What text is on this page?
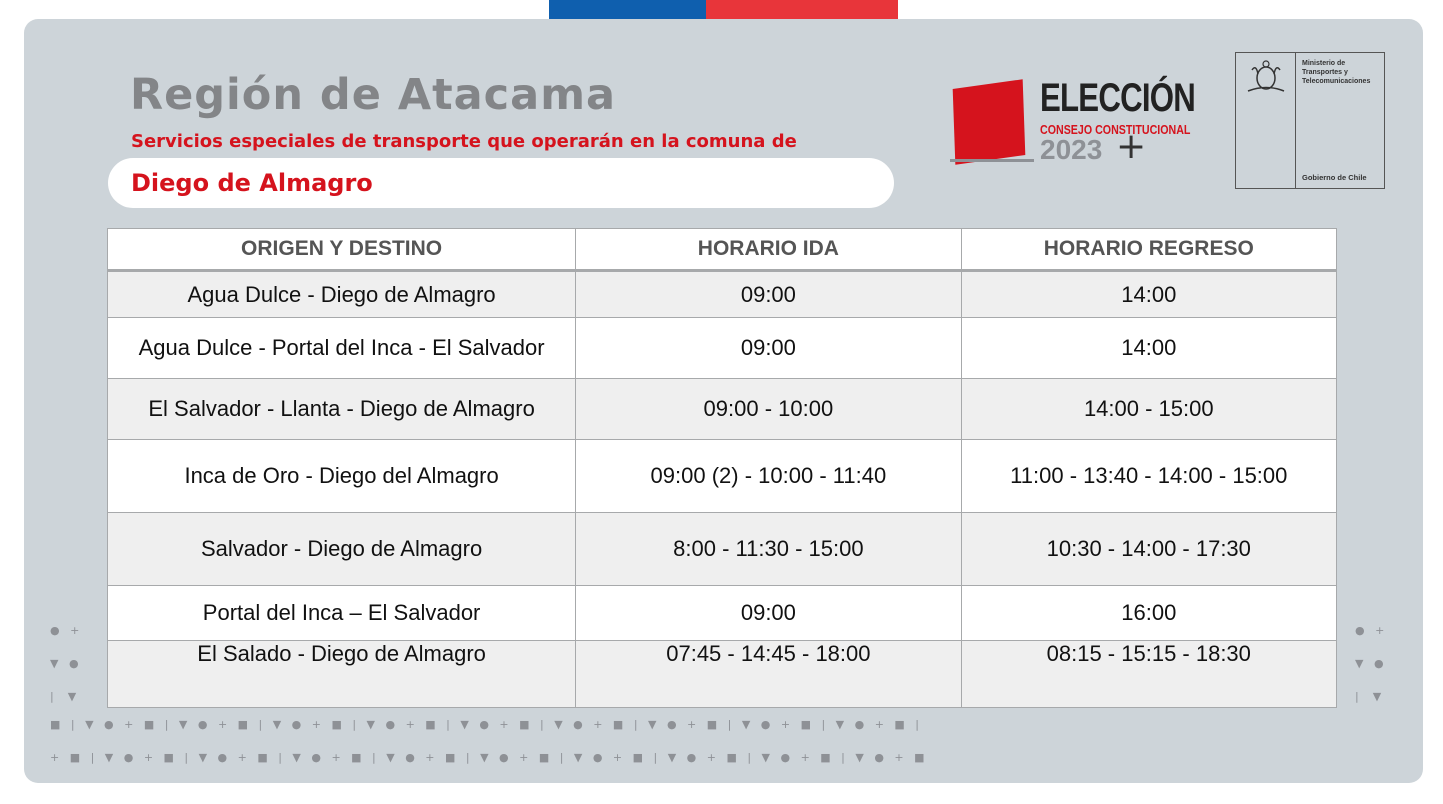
Región de Atacama
Servicios especiales de transporte que operarán en la comuna de
Diego de Almagro
ELECCIÓN
CONSEJO CONSTITUCIONAL
2023 +
Ministerio de Transportes y Telecomunicaciones
Gobierno de Chile
ORIGEN Y DESTINO	HORARIO IDA	HORARIO REGRESO
Agua Dulce - Diego de Almagro	09:00	14:00
Agua Dulce - Portal del Inca - El Salvador	09:00	14:00
El Salvador - Llanta - Diego de Almagro	09:00 - 10:00	14:00 - 15:00
Inca de Oro - Diego del Almagro	09:00 (2) - 10:00 - 11:40	11:00 - 13:40 - 14:00 - 15:00
Salvador - Diego de Almagro	8:00 - 11:30 - 15:00	10:30 - 14:00 - 17:30
Portal del Inca – El Salvador	09:00	16:00
El Salado - Diego de Almagro	07:45 - 14:45 - 18:00	08:15 - 15:15 - 18:30
●   +
▼   ●
|    ▼
●   +
▼   ●
|    ▼
■   |   ▼   ●   +   ■   |   ▼   ●   +   ■   |   ▼   ●   +   ■   |   ▼   ●   +   ■   |   ▼   ●   +   ■   |   ▼   ●   +   ■   |   ▼   ●   +   ■   |   ▼   ●   +   ■   |   ▼   ●   +   ■   |
+   ■   |   ▼   ●   +   ■   |   ▼   ●   +   ■   |   ▼   ●   +   ■   |   ▼   ●   +   ■   |   ▼   ●   +   ■   |   ▼   ●   +   ■   |   ▼   ●   +   ■   |   ▼   ●   +   ■   |   ▼   ●   +   ■
